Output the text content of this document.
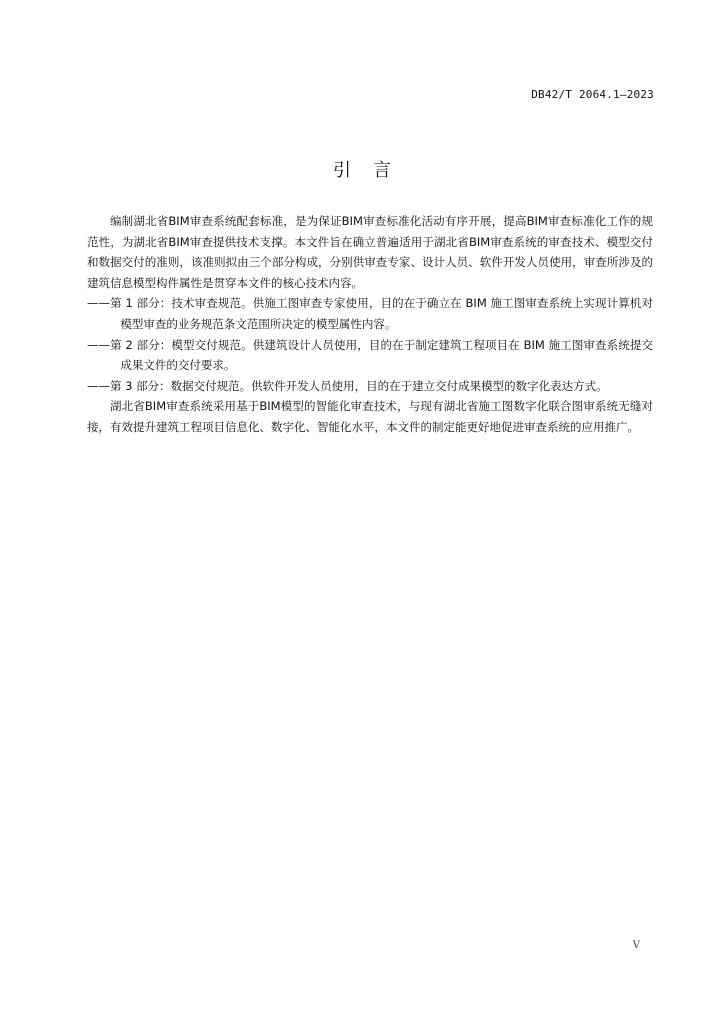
DB42/T 2064.1—2023
引言

编制湖北省BIM审查系统配套标准，是为保证BIM审查标准化活动有序开展，提高BIM审查标准化工作的规范性，为湖北省BIM审查提供技术支撑。本文件旨在确立普遍适用于湖北省BIM审查系统的审查技术、模型交付和数据交付的准则，该准则拟由三个部分构成，分别供审查专家、设计人员、软件开发人员使用，审查所涉及的建筑信息模型构件属性是贯穿本文件的核心技术内容。

——第 1 部分：技术审查规范。供施工图审查专家使用，目的在于确立在 BIM 施工图审查系统上实现计算机对模型审查的业务规范条文范围所决定的模型属性内容。

——第 2 部分：模型交付规范。供建筑设计人员使用，目的在于制定建筑工程项目在 BIM 施工图审查系统提交成果文件的交付要求。

——第 3 部分：数据交付规范。供软件开发人员使用，目的在于建立交付成果模型的数字化表达方式。

湖北省BIM审查系统采用基于BIM模型的智能化审查技术，与现有湖北省施工图数字化联合图审系统无缝对接，有效提升建筑工程项目信息化、数字化、智能化水平，本文件的制定能更好地促进审查系统的应用推广。

V
